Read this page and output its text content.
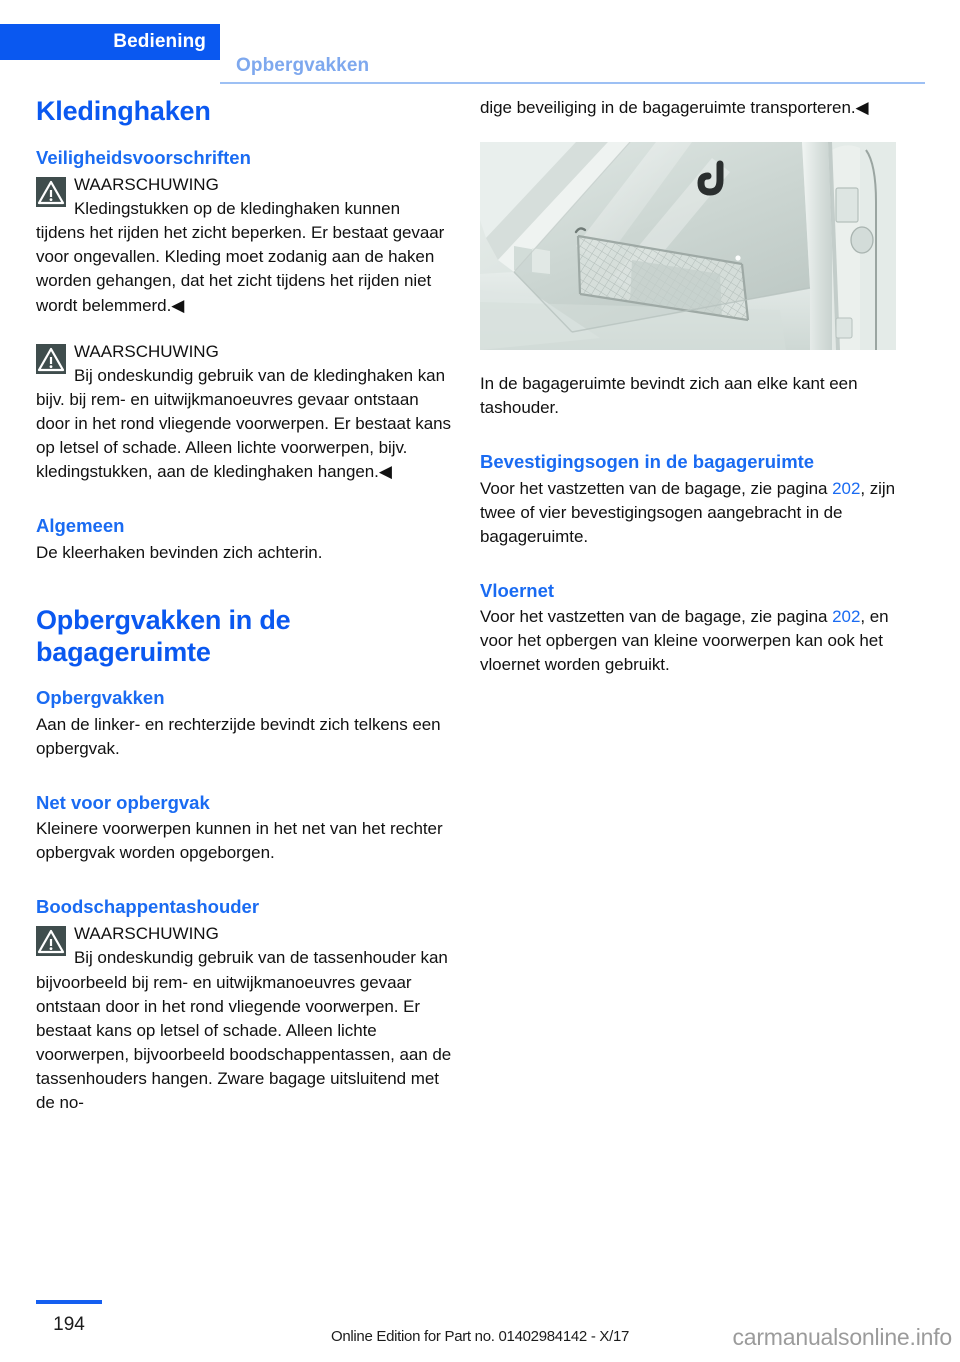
Bediening
Opbergvakken
Kledinghaken
Veiligheidsvoorschriften

WAARSCHUWING

Kledingstukken op de kledinghaken kunnen tijdens het rijden het zicht beperken. Er bestaat gevaar voor ongevallen. Kleding moet zodanig aan de haken worden gehangen, dat het zicht tijdens het rijden niet wordt belemmerd.◀

WAARSCHUWING

Bij ondeskundig gebruik van de kledinghaken kan bijv. bij rem- en uitwijkmanoeuvres gevaar ontstaan door in het rond vliegende voorwerpen. Er bestaat kans op letsel of schade. Alleen lichte voorwerpen, bijv. kledingstukken, aan de kledinghaken hangen.◀

Algemeen

De kleerhaken bevinden zich achterin.

Opbergvakken in de bagageruimte
Opbergvakken

Aan de linker- en rechterzijde bevindt zich telkens een opbergvak.

Net voor opbergvak

Kleinere voorwerpen kunnen in het net van het rechter opbergvak worden opgeborgen.

Boodschappentashouder

WAARSCHUWING

Bij ondeskundig gebruik van de tassenhouder kan bijvoorbeeld bij rem- en uitwijkmanoeuvres gevaar ontstaan door in het rond vliegende voorwerpen. Er bestaat kans op letsel of schade. Alleen lichte voorwerpen, bijvoorbeeld boodschappentassen, aan de tassenhouders hangen. Zware bagage uitsluitend met de no-

dige beveiliging in de bagageruimte transporteren.◀

In de bagageruimte bevindt zich aan elke kant een tashouder.

Bevestigingsogen in de bagageruimte

Voor het vastzetten van de bagage, zie pagina 202, zijn twee of vier bevestigingsogen aangebracht in de bagageruimte.

Vloernet

Voor het vastzetten van de bagage, zie pagina 202, en voor het opbergen van kleine voorwerpen kan ook het vloernet worden gebruikt.

194
Online Edition for Part no. 01402984142 - X/17	carmanualsonline.info
